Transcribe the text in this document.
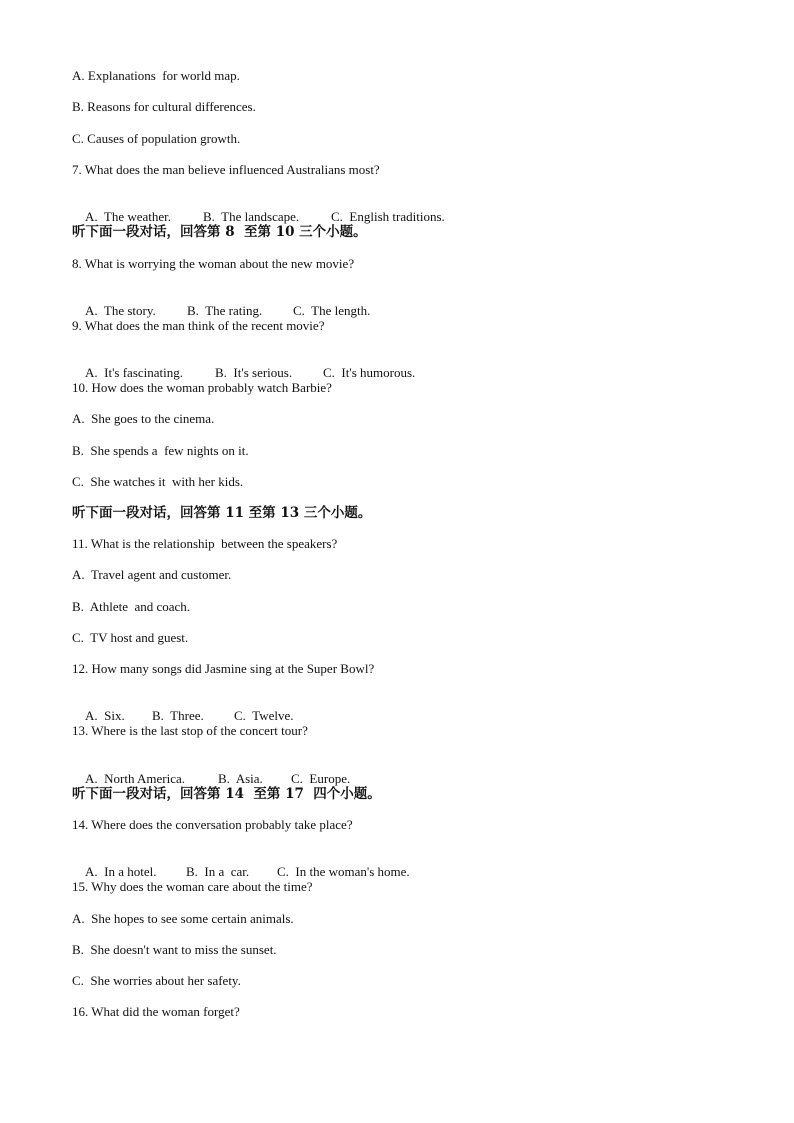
A. Explanations  for world map.
B. Reasons for cultural differences.
C. Causes of population growth.
7. What does the man believe influenced Australians most?

A.  The weather. B.  The landscape. C.  English traditions.

听下面一段对话，回答第 8  至第 10 三个小题。
8. What is worrying the woman about the new movie?

A.  The story. B.  The rating. C.  The length.

9. What does the man think of the recent movie?

A.  It's fascinating. B.  It's serious. C.  It's humorous.

10. How does the woman probably watch Barbie?
A.  She goes to the cinema.
B.  She spends a  few nights on it.
C.  She watches it  with her kids.
听下面一段对话，回答第 11 至第 13 三个小题。
11. What is the relationship  between the speakers?
A.  Travel agent and customer.
B.  Athlete  and coach.
C.  TV host and guest.
12. How many songs did Jasmine sing at the Super Bowl?

A.  Six. B.  Three. C.  Twelve.

13. Where is the last stop of the concert tour?

A.  North America.	B.  Asia. C.  Europe.

听下面一段对话，回答第 14  至第 17  四个小题。
14. Where does the conversation probably take place?

A.  In a hotel. B.  In a  car. C.  In the woman's home.

15. Why does the woman care about the time?
A.  She hopes to see some certain animals.
B.  She doesn't want to miss the sunset.
C.  She worries about her safety.
16. What did the woman forget?
